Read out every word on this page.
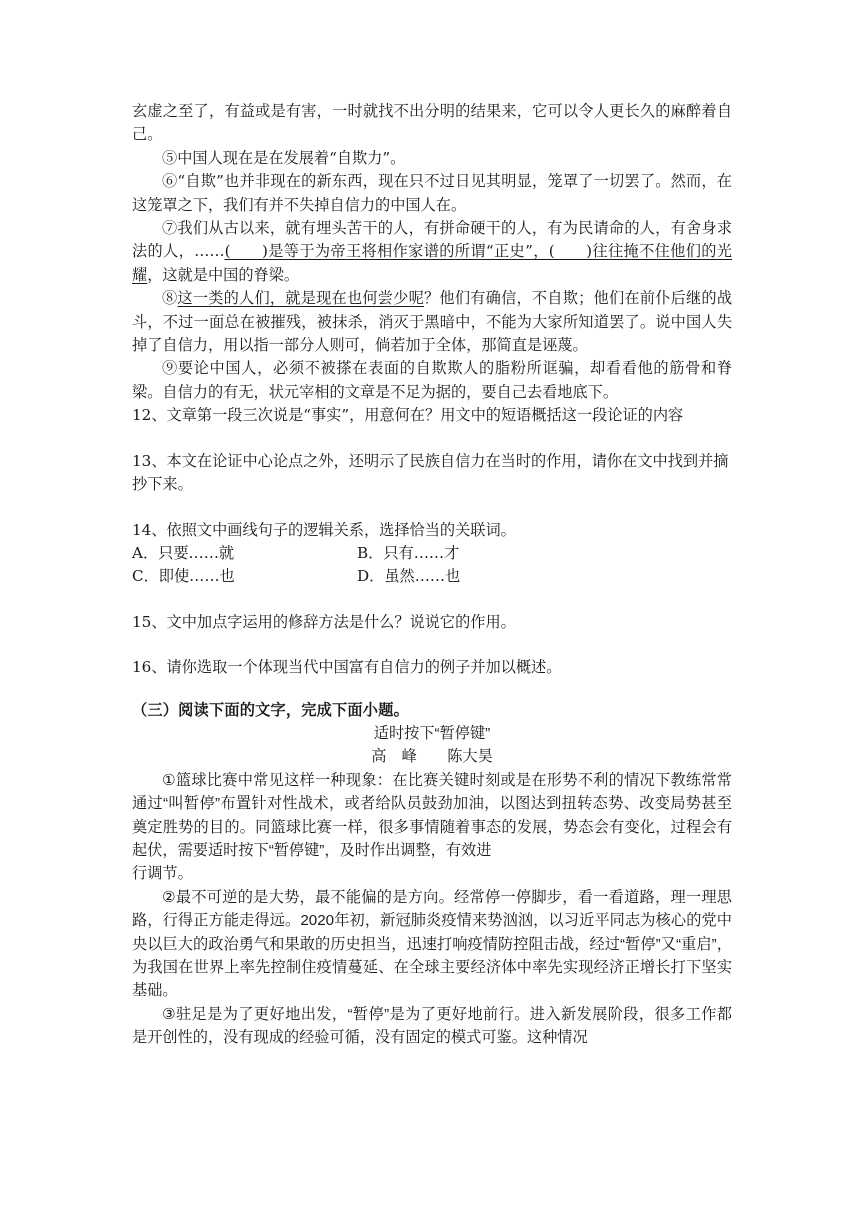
玄虚之至了，有益或是有害，一时就找不出分明的结果来，它可以令人更长久的麻醉着自己。

⑤中国人现在是在发展着“自欺力”。

⑥“自欺”也并非现在的新东西，现在只不过日见其明显，笼罩了一切罢了。然而，在这笼罩之下，我们有并不失掉自信力的中国人在。

⑦我们从古以来，就有埋头苦干的人，有拼命硬干的人，有为民请命的人，有舍身求法的人，……(　　)是等于为帝王将相作家谱的所谓“正史”，(　　)往往掩不住他们的光耀，这就是中国的脊梁。

⑧这一类的人们，就是现在也何尝少呢？他们有确信，不自欺；他们在前仆后继的战斗，不过一面总在被摧残，被抹杀，消灭于黑暗中，不能为大家所知道罢了。说中国人失掉了自信力，用以指一部分人则可，倘若加于全体，那简直是诬蔑。

⑨要论中国人，必须不被搽在表面的自欺欺人的脂粉所诓骗，却看看他的筋骨和脊梁。自信力的有无，状元宰相的文章是不足为据的，要自己去看地底下。

12、文章第一段三次说是“事实”，用意何在？用文中的短语概括这一段论证的内容

13、本文在论证中心论点之外，还明示了民族自信力在当时的作用，请你在文中找到并摘抄下来。

14、依照文中画线句子的逻辑关系，选择恰当的关联词。

A．只要……就	B．只有……才

C．即使……也	D．虽然……也

15、文中加点字运用的修辞方法是什么？说说它的作用。

16、请你选取一个体现当代中国富有自信力的例子并加以概述。

（三）阅读下面的文字，完成下面小题。

适时按下“暂停键”

高　峰　　陈大昊

①篮球比赛中常见这样一种现象：在比赛关键时刻或是在形势不利的情况下教练常常通过“叫暂停”布置针对性战术，或者给队员鼓劲加油，以图达到扭转态势、改变局势甚至奠定胜势的目的。同篮球比赛一样，很多事情随着事态的发展，势态会有变化，过程会有起伏，需要适时按下“暂停键”，及时作出调整，有效进

行调节。

②最不可逆的是大势，最不能偏的是方向。经常停一停脚步，看一看道路，理一理思路，行得正方能走得远。2020年初，新冠肺炎疫情来势汹汹，以习近平同志为核心的党中央以巨大的政治勇气和果敢的历史担当，迅速打响疫情防控阻击战，经过“暂停”又“重启”，为我国在世界上率先控制住疫情蔓延、在全球主要经济体中率先实现经济正增长打下坚实基础。

③驻足是为了更好地出发，“暂停”是为了更好地前行。进入新发展阶段，很多工作都是开创性的，没有现成的经验可循，没有固定的模式可鉴。这种情况
